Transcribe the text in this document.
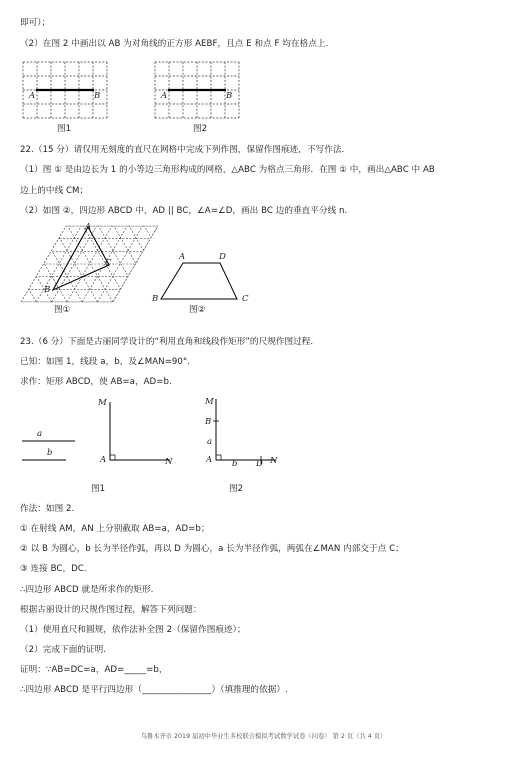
即可）；
（2）在图 2 中画出以 AB 为对角线的正方形 AEBF，且点 E 和点 F 均在格点上.
A	B
图1
A	B
图2
22.（15 分）请仅用无刻度的直尺在网格中完成下列作图，保留作图痕迹，不写作法.
（1）图 ① 是由边长为 1 的小等边三角形构成的网格，△ABC 为格点三角形．在图 ① 中，画出△ABC 中 AB
边上的中线 CM；
（2）如图 ②，四边形 ABCD 中，AD || BC，∠A=∠D，画出 BC 边的垂直平分线 n.
A
B
C
图①
A	D
B	C
图②
23.（6 分）下面是古丽同学设计的“利用直角和线段作矩形”的尺规作图过程.
已知：如图 1，线段 a，b，及∠MAN=90°.
求作：矩形 ABCD，使 AB=a，AD=b.
a
b
M
A	N
图1
M
B
a
A b D N
图2
作法：如图 2.
① 在射线 AM，AN 上分别截取 AB=a，AD=b；
② 以 B 为圆心，b 长为半径作弧，再以 D 为圆心，a 长为半径作弧，两弧在∠MAN 内部交于点 C；
③ 连接 BC，DC.
∴四边形 ABCD 就是所求作的矩形.
根据古丽设计的尺规作图过程，解答下列问题：
（1）使用直尺和圆规，依作法补全图 2（保留作图痕迹）；
（2）完成下面的证明.
证明：∵AB=DC=a，AD=_____=b，
∴四边形 ABCD 是平行四边形（________________）（填推理的依据）.
乌鲁木齐市 2019 届初中毕业生多校联合模拟考试数学试卷（问卷） 第 2 页（共 4 页）
